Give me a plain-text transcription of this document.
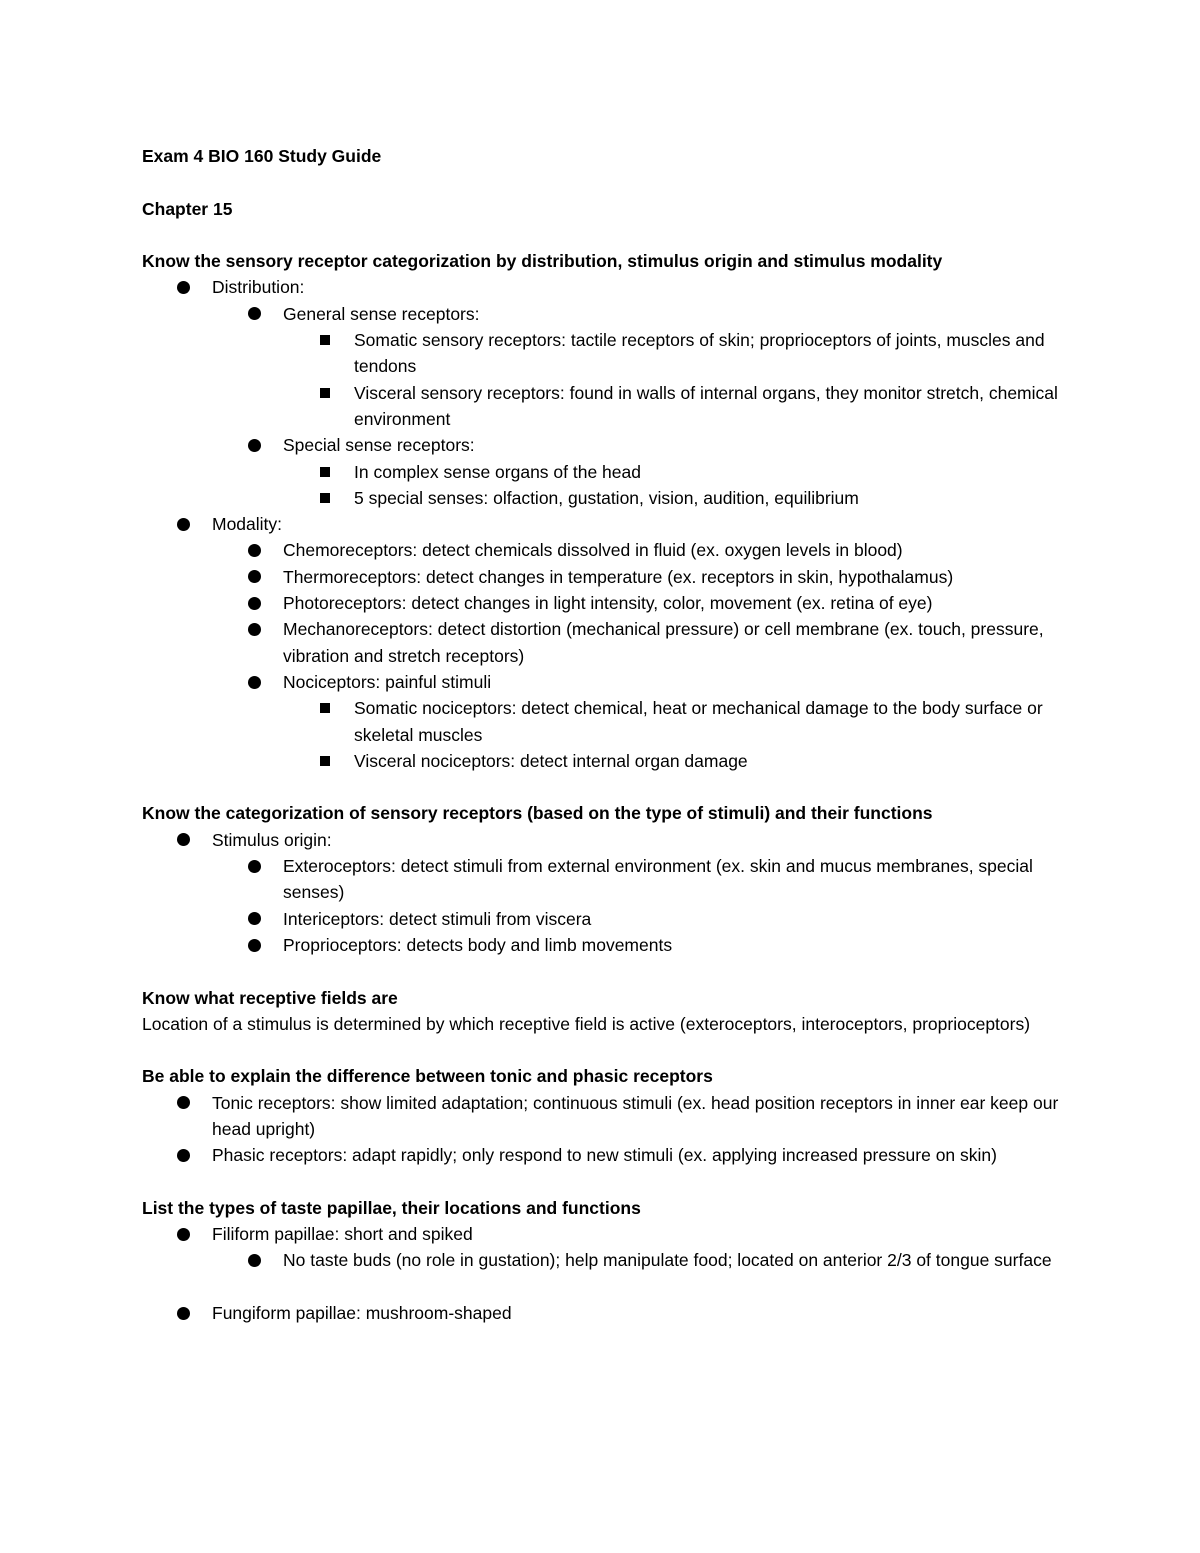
Exam 4 BIO 160 Study Guide
Chapter 15
Know the sensory receptor categorization by distribution, stimulus origin and stimulus modality
Distribution:
General sense receptors:
Somatic sensory receptors: tactile receptors of skin; proprioceptors of joints, muscles and tendons
Visceral sensory receptors: found in walls of internal organs, they monitor stretch, chemical environment
Special sense receptors:
In complex sense organs of the head
5 special senses: olfaction, gustation, vision, audition, equilibrium
Modality:
Chemoreceptors: detect chemicals dissolved in fluid (ex. oxygen levels in blood)
Thermoreceptors: detect changes in temperature (ex. receptors in skin, hypothalamus)
Photoreceptors: detect changes in light intensity, color, movement (ex. retina of eye)
Mechanoreceptors: detect distortion (mechanical pressure) or cell membrane (ex. touch, pressure, vibration and stretch receptors)
Nociceptors: painful stimuli
Somatic nociceptors: detect chemical, heat or mechanical damage to the body surface or skeletal muscles
Visceral nociceptors: detect internal organ damage
Know the categorization of sensory receptors (based on the type of stimuli) and their functions
Stimulus origin:
Exteroceptors: detect stimuli from external environment (ex. skin and mucus membranes, special senses)
Intericeptors: detect stimuli from viscera
Proprioceptors: detects body and limb movements
Know what receptive fields are

Location of a stimulus is determined by which receptive field is active (exteroceptors, interoceptors, proprioceptors)

Be able to explain the difference between tonic and phasic receptors
Tonic receptors: show limited adaptation; continuous stimuli (ex. head position receptors in inner ear keep our head upright)
Phasic receptors: adapt rapidly; only respond to new stimuli (ex. applying increased pressure on skin)
List the types of taste papillae, their locations and functions
Filiform papillae: short and spiked
No taste buds (no role in gustation); help manipulate food; located on anterior 2/3 of tongue surface
Fungiform papillae: mushroom-shaped
